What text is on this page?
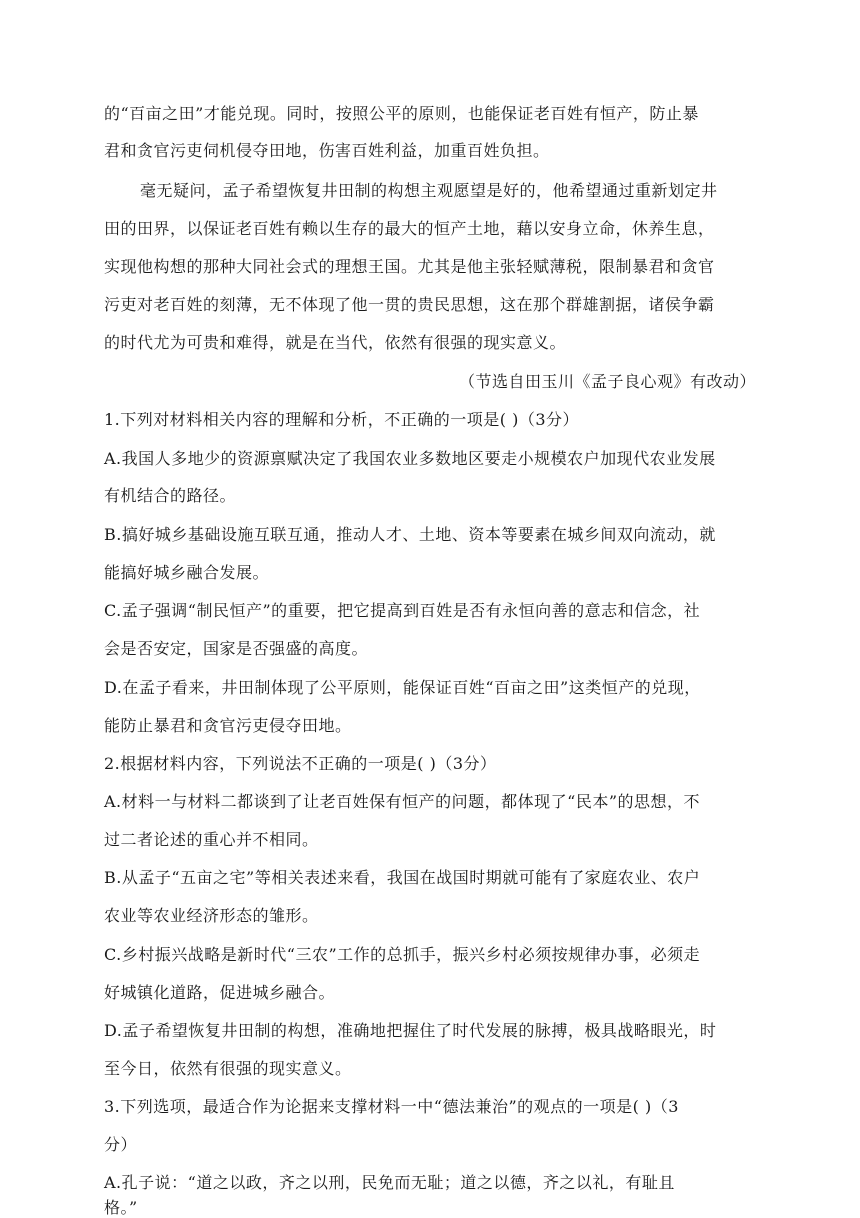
的“百亩之田”才能兑现。同时，按照公平的原则，也能保证老百姓有恒产，防止暴
君和贪官污吏伺机侵夺田地，伤害百姓利益，加重百姓负担。
毫无疑问，孟子希望恢复井田制的构想主观愿望是好的，他希望通过重新划定井
田的田界，以保证老百姓有赖以生存的最大的恒产土地，藉以安身立命，休养生息，
实现他构想的那种大同社会式的理想王国。尤其是他主张轻赋薄税，限制暴君和贪官
污吏对老百姓的刻薄，无不体现了他一贯的贵民思想，这在那个群雄割据，诸侯争霸
的时代尤为可贵和难得，就是在当代，依然有很强的现实意义。
（节选自田玉川《孟子良心观》有改动）
1.下列对材料相关内容的理解和分析，不正确的一项是( )（3分）
A.我国人多地少的资源禀赋决定了我国农业多数地区要走小规模农户加现代农业发展
有机结合的路径。
B.搞好城乡基础设施互联互通，推动人才、土地、资本等要素在城乡间双向流动，就
能搞好城乡融合发展。
C.孟子强调“制民恒产”的重要，把它提高到百姓是否有永恒向善的意志和信念，社
会是否安定，国家是否强盛的高度。
D.在孟子看来，井田制体现了公平原则，能保证百姓“百亩之田”这类恒产的兑现，
能防止暴君和贪官污吏侵夺田地。
2.根据材料内容，下列说法不正确的一项是( )（3分）
A.材料一与材料二都谈到了让老百姓保有恒产的问题，都体现了“民本”的思想，不
过二者论述的重心并不相同。
B.从孟子“五亩之宅”等相关表述来看，我国在战国时期就可能有了家庭农业、农户
农业等农业经济形态的雏形。
C.乡村振兴战略是新时代“三农”工作的总抓手，振兴乡村必须按规律办事，必须走
好城镇化道路，促进城乡融合。
D.孟子希望恢复井田制的构想，准确地把握住了时代发展的脉搏，极具战略眼光，时
至今日，依然有很强的现实意义。
3.下列选项，最适合作为论据来支撑材料一中“德法兼治”的观点的一项是( )（3
分）
A.孔子说：“道之以政，齐之以刑，民免而无耻；道之以德，齐之以礼，有耻且
格。”
